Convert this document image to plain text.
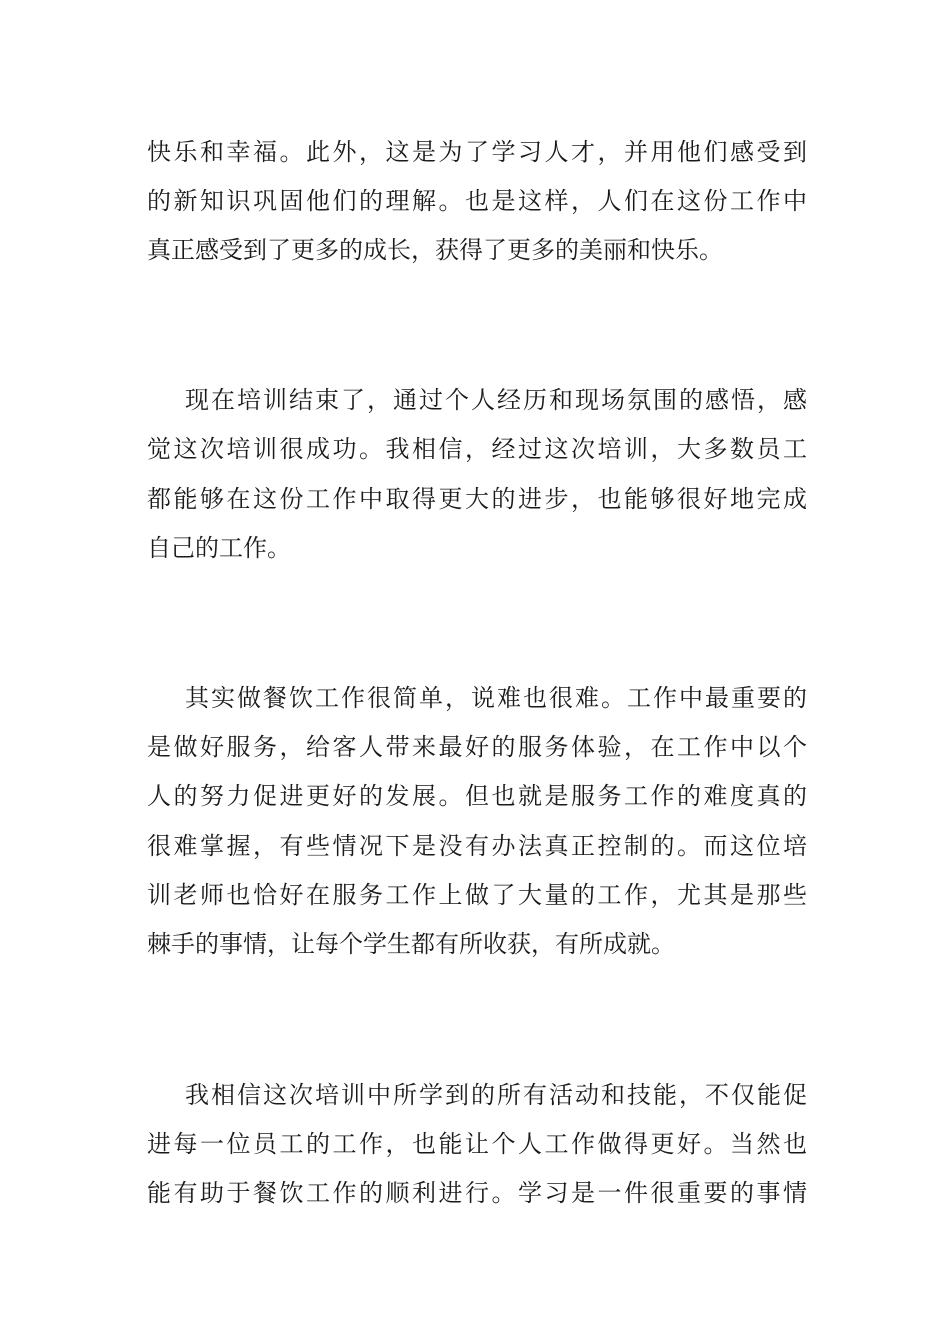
快乐和幸福。此外，这是为了学习人才，并用他们感受到
的新知识巩固他们的理解。也是这样，人们在这份工作中
真正感受到了更多的成长，获得了更多的美丽和快乐。
现在培训结束了，通过个人经历和现场氛围的感悟，感
觉这次培训很成功。我相信，经过这次培训，大多数员工
都能够在这份工作中取得更大的进步，也能够很好地完成
自己的工作。
其实做餐饮工作很简单，说难也很难。工作中最重要的
是做好服务，给客人带来最好的服务体验，在工作中以个
人的努力促进更好的发展。但也就是服务工作的难度真的
很难掌握，有些情况下是没有办法真正控制的。而这位培
训老师也恰好在服务工作上做了大量的工作，尤其是那些
棘手的事情，让每个学生都有所收获，有所成就。
我相信这次培训中所学到的所有活动和技能，不仅能促
进每一位员工的工作，也能让个人工作做得更好。当然也
能有助于餐饮工作的顺利进行。学习是一件很重要的事情
